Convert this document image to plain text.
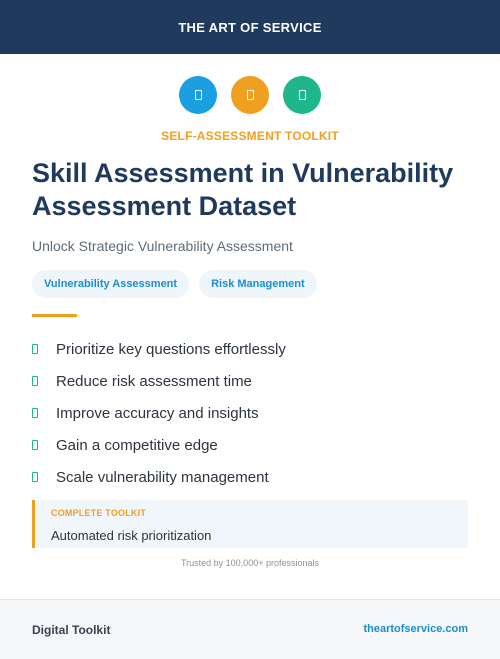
THE ART OF SERVICE
SELF-ASSESSMENT TOOLKIT
Skill Assessment in Vulnerability Assessment Dataset
Unlock Strategic Vulnerability Assessment
Vulnerability Assessment	Risk Management
Prioritize key questions effortlessly
Reduce risk assessment time
Improve accuracy and insights
Gain a competitive edge
Scale vulnerability management
COMPLETE TOOLKIT
Automated risk prioritization
Trusted by 100,000+ professionals
Digital Toolkit	theartofservice.com
